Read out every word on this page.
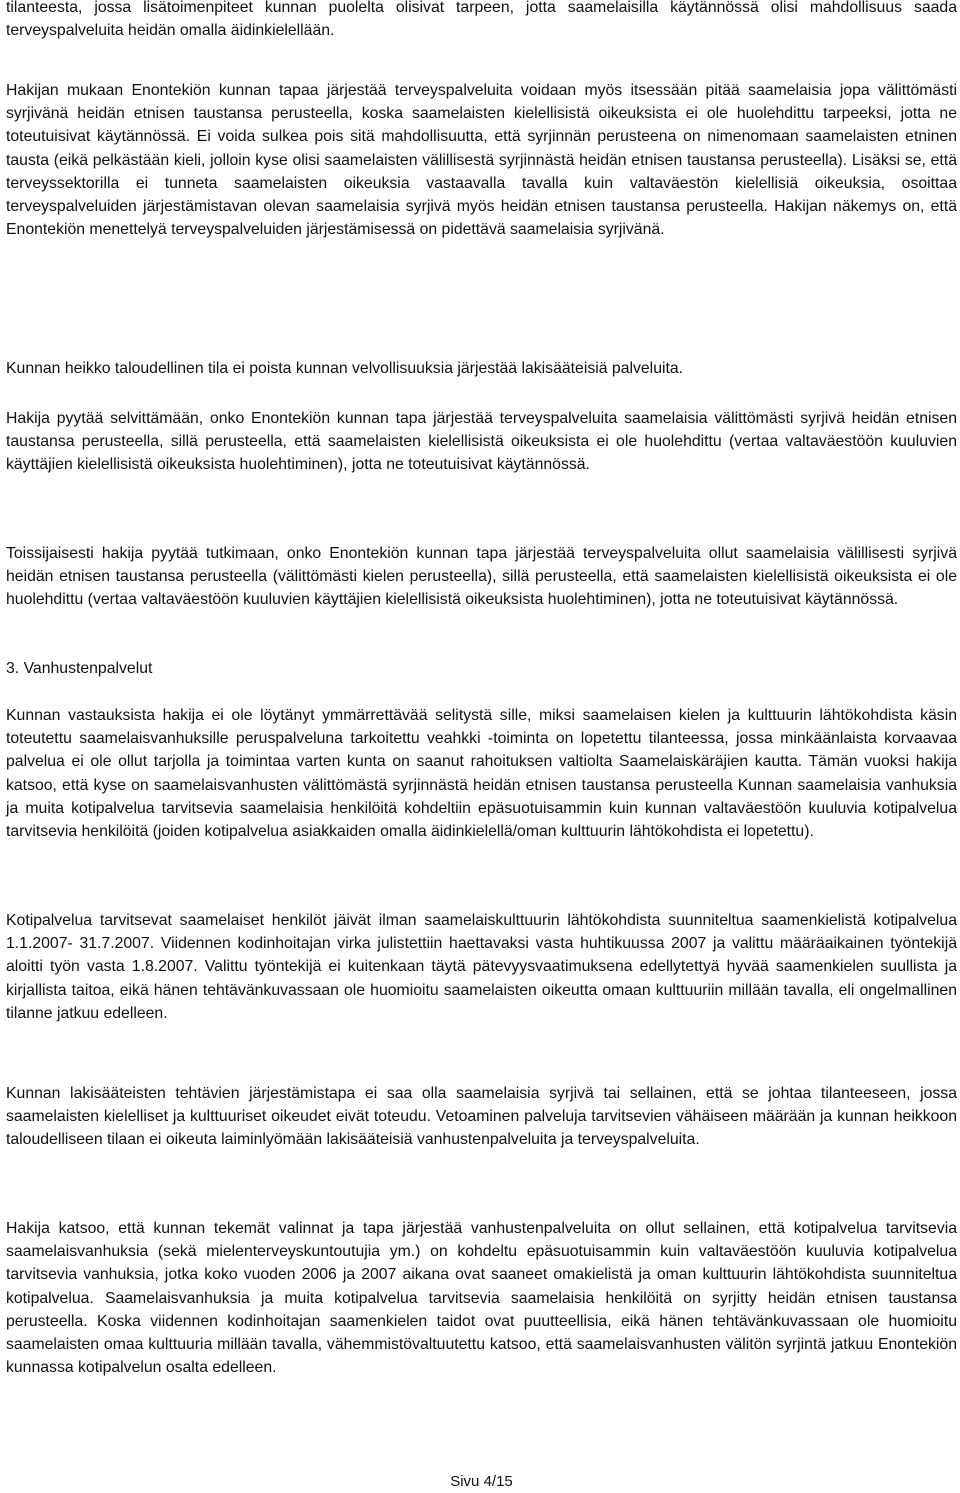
tilanteesta, jossa lisätoimenpiteet kunnan puolelta olisivat tarpeen, jotta saamelaisilla käytännössä olisi mahdollisuus saada terveyspalveluita heidän omalla äidinkielellään.

Hakijan mukaan Enontekiön kunnan tapaa järjestää terveyspalveluita voidaan myös itsessään pitää saamelaisia jopa välittömästi syrjivänä heidän etnisen taustansa perusteella, koska saamelaisten kielellisistä oikeuksista ei ole huolehdittu tarpeeksi, jotta ne toteutuisivat käytännössä. Ei voida sulkea pois sitä mahdollisuutta, että syrjinnän perusteena on nimenomaan saamelaisten etninen tausta (eikä pelkästään kieli, jolloin kyse olisi saamelaisten välillisestä syrjinnästä heidän etnisen taustansa perusteella). Lisäksi se, että terveyssektorilla ei tunneta saamelaisten oikeuksia vastaavalla tavalla kuin valtaväestön kielellisiä oikeuksia, osoittaa terveyspalveluiden järjestämistavan olevan saamelaisia syrjivä myös heidän etnisen taustansa perusteella. Hakijan näkemys on, että Enontekiön menettelyä terveyspalveluiden järjestämisessä on pidettävä saamelaisia syrjivänä.

Kunnan heikko taloudellinen tila ei poista kunnan velvollisuuksia järjestää lakisääteisiä palveluita.

Hakija pyytää selvittämään, onko Enontekiön kunnan tapa järjestää terveyspalveluita saamelaisia välittömästi syrjivä heidän etnisen taustansa perusteella, sillä perusteella, että saamelaisten kielellisistä oikeuksista ei ole huolehdittu (vertaa valtaväestöön kuuluvien käyttäjien kielellisistä oikeuksista huolehtiminen), jotta ne toteutuisivat käytännössä.

Toissijaisesti hakija pyytää tutkimaan, onko Enontekiön kunnan tapa järjestää terveyspalveluita ollut saamelaisia välillisesti syrjivä heidän etnisen taustansa perusteella (välittömästi kielen perusteella), sillä perusteella, että saamelaisten kielellisistä oikeuksista ei ole huolehdittu (vertaa valtaväestöön kuuluvien käyttäjien kielellisistä oikeuksista huolehtiminen), jotta ne toteutuisivat käytännössä.

3. Vanhustenpalvelut

Kunnan vastauksista hakija ei ole löytänyt ymmärrettävää selitystä sille, miksi saamelaisen kielen ja kulttuurin lähtökohdista käsin toteutettu saamelaisvanhuksille peruspalveluna tarkoitettu veahkki -toiminta on lopetettu tilanteessa, jossa minkäänlaista korvaavaa palvelua ei ole ollut tarjolla ja toimintaa varten kunta on saanut rahoituksen valtiolta Saamelaiskäräjien kautta. Tämän vuoksi hakija katsoo, että kyse on saamelaisvanhusten välittömästä syrjinnästä heidän etnisen taustansa perusteella Kunnan saamelaisia vanhuksia ja muita kotipalvelua tarvitsevia saamelaisia henkilöitä kohdeltiin epäsuotuisammin kuin kunnan valtaväestöön kuuluvia kotipalvelua tarvitsevia henkilöitä (joiden kotipalvelua asiakkaiden omalla äidinkielellä/oman kulttuurin lähtökohdista ei lopetettu).

Kotipalvelua tarvitsevat saamelaiset henkilöt jäivät ilman saamelaiskulttuurin lähtökohdista suunniteltua saamenkielistä kotipalvelua 1.1.2007- 31.7.2007. Viidennen kodinhoitajan virka julistettiin haettavaksi vasta huhtikuussa 2007 ja valittu määräaikainen työntekijä aloitti työn vasta 1.8.2007. Valittu työntekijä ei kuitenkaan täytä pätevyysvaatimuksena edellytettyä hyvää saamenkielen suullista ja kirjallista taitoa, eikä hänen tehtävänkuvassaan ole huomioitu saamelaisten oikeutta omaan kulttuuriin millään tavalla, eli ongelmallinen tilanne jatkuu edelleen.

Kunnan lakisääteisten tehtävien järjestämistapa ei saa olla saamelaisia syrjivä tai sellainen, että se johtaa tilanteeseen, jossa saamelaisten kielelliset ja kulttuuriset oikeudet eivät toteudu. Vetoaminen palveluja tarvitsevien vähäiseen määrään ja kunnan heikkoon taloudelliseen tilaan ei oikeuta laiminlyömään lakisääteisiä vanhustenpalveluita ja terveyspalveluita.

Hakija katsoo, että kunnan tekemät valinnat ja tapa järjestää vanhustenpalveluita on ollut sellainen, että kotipalvelua tarvitsevia saamelaisvanhuksia (sekä mielenterveyskuntoutujia ym.) on kohdeltu epäsuotuisammin kuin valtaväestöön kuuluvia kotipalvelua tarvitsevia vanhuksia, jotka koko vuoden 2006 ja 2007 aikana ovat saaneet omakielistä ja oman kulttuurin lähtökohdista suunniteltua kotipalvelua. Saamelaisvanhuksia ja muita kotipalvelua tarvitsevia saamelaisia henkilöitä on syrjitty heidän etnisen taustansa perusteella. Koska viidennen kodinhoitajan saamenkielen taidot ovat puutteellisia, eikä hänen tehtävänkuvassaan ole huomioitu saamelaisten omaa kulttuuria millään tavalla, vähemmistövaltuutettu katsoo, että saamelaisvanhusten välitön syrjintä jatkuu Enontekiön kunnassa kotipalvelun osalta edelleen.

Sivu 4/15
